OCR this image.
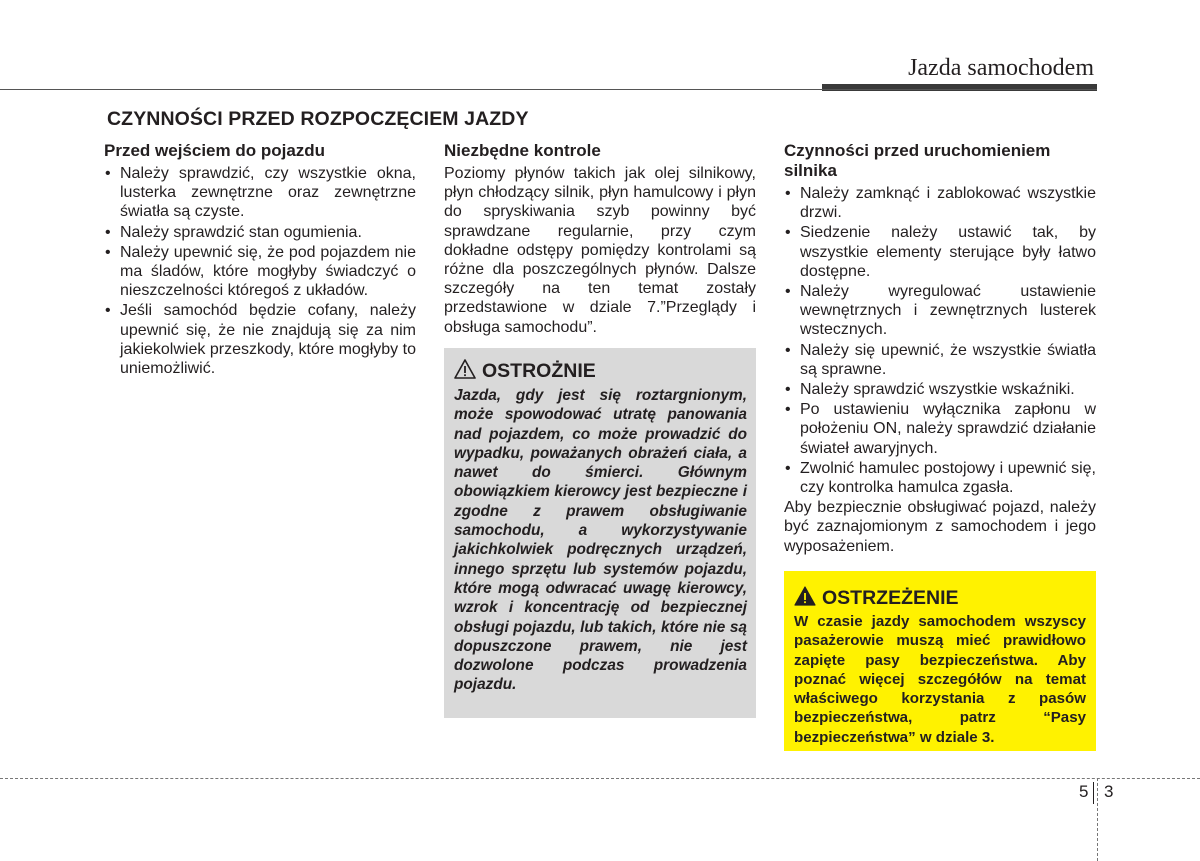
Jazda samochodem
CZYNNOŚCI PRZED ROZPOCZĘCIEM JAZDY
Przed wejściem do pojazdu
• Należy sprawdzić, czy wszystkie okna, lusterka zewnętrzne oraz zewnętrzne światła są czyste.
• Należy sprawdzić stan ogumienia.
• Należy upewnić się, że pod pojazdem nie ma śladów, które mogłyby świadczyć o nieszczelności któregoś z układów.
• Jeśli samochód będzie cofany, należy upewnić się, że nie znajdują się za nim jakiekolwiek przeszkody, które mogłyby to uniemożliwić.
Niezbędne kontrole

Poziomy płynów takich jak olej silnikowy, płyn chłodzący silnik, płyn hamulcowy i płyn do spryskiwania szyb powinny być sprawdzane regularnie, przy czym dokładne odstępy pomiędzy kontrolami są różne dla poszczególnych płynów. Dalsze szczegóły na ten temat zostały przedstawione w dziale 7.”Przeglądy i obsługa samochodu”.

OSTROŻNIE
Jazda, gdy jest się roztargnionym, może spowodować utratę panowania nad pojazdem, co może prowadzić do wypadku, poważanych obrażeń ciała, a nawet do śmierci. Głównym obowiązkiem kierowcy jest bezpieczne i zgodne z prawem obsługiwanie samochodu, a wykorzystywanie jakichkolwiek podręcznych urządzeń, innego sprzętu lub systemów pojazdu, które mogą odwracać uwagę kierowcy, wzrok i koncentrację od bezpiecznej obsługi pojazdu, lub takich, które nie są dopuszczone prawem, nie jest dozwolone podczas prowadzenia pojazdu.
Czynności przed uruchomieniem silnika
• Należy zamknąć i zablokować wszystkie drzwi.
• Siedzenie należy ustawić tak, by wszystkie elementy sterujące były łatwo dostępne.
• Należy wyregulować ustawienie wewnętrznych i zewnętrznych lusterek wstecznych.
• Należy się upewnić, że wszystkie światła są sprawne.
• Należy sprawdzić wszystkie wskaźniki.
• Po ustawieniu wyłącznika zapłonu w położeniu ON, należy sprawdzić działanie świateł awaryjnych.
• Zwolnić hamulec postojowy i upewnić się, czy kontrolka hamulca zgasła.

Aby bezpiecznie obsługiwać pojazd, należy być zaznajomionym z samochodem i jego wyposażeniem.

OSTRZEŻENIE
W czasie jazdy samochodem wszyscy pasażerowie muszą mieć prawidłowo zapięte pasy bezpieczeństwa. Aby poznać więcej szczegółów na temat właściwego korzystania z pasów bezpieczeństwa, patrz “Pasy bezpieczeństwa” w dziale 3.
5 3
